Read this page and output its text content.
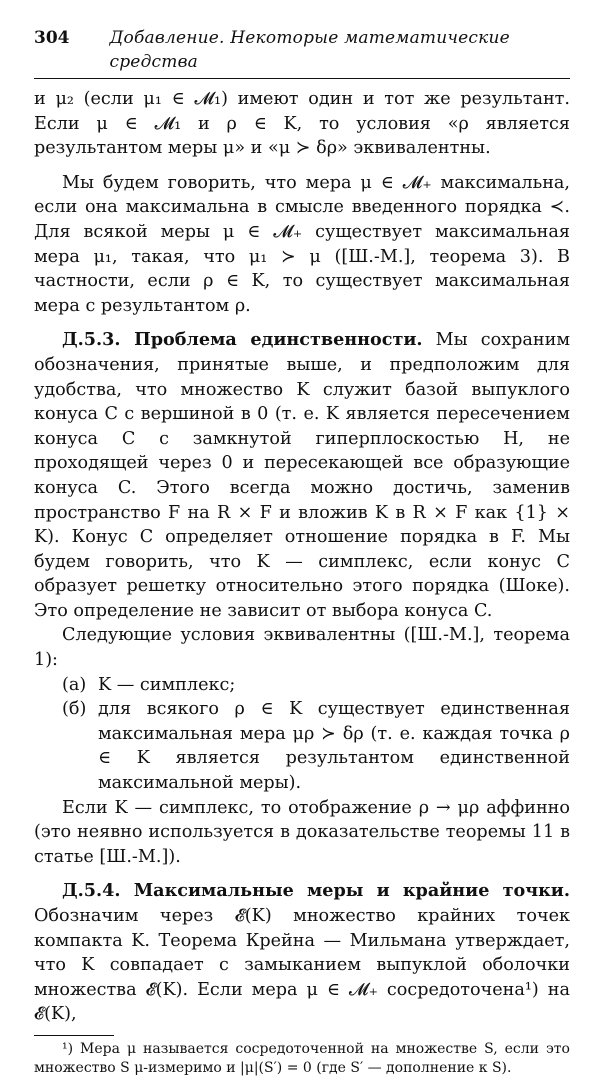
304 Добавление. Некоторые математические средства

и μ₂ (если μ₁ ∈ 𝓜₁) имеют один и тот же результант. Если μ ∈ 𝓜₁ и ρ ∈ K, то условия «ρ является результантом меры μ» и «μ ≻ δρ» эквивалентны.

Мы будем говорить, что мера μ ∈ 𝓜₊ максимальна, если она максимальна в смысле введенного порядка ≺. Для всякой меры μ ∈ 𝓜₊ существует максимальная мера μ₁, такая, что μ₁ ≻ μ ([Ш.-М.], теорема 3). В частности, если ρ ∈ K, то существует максимальная мера с результантом ρ.

Д.5.3. Проблема единственности. Мы сохраним обозначения, принятые выше, и предположим для удобства, что множество K служит базой выпуклого конуса C с вершиной в 0 (т. е. K является пересечением конуса C с замкнутой гиперплоскостью H, не проходящей через 0 и пересекающей все образующие конуса C. Этого всегда можно достичь, заменив пространство F на R × F и вложив K в R × F как {1} × K). Конус C определяет отношение порядка в F. Мы будем говорить, что K — симплекс, если конус C образует решетку относительно этого порядка (Шоке). Это определение не зависит от выбора конуса C.

Следующие условия эквивалентны ([Ш.-М.], теорема 1):

(а) K — симплекс;
(б) для всякого ρ ∈ K существует единственная максимальная мера μρ ≻ δρ (т. е. каждая точка ρ ∈ K является результантом единственной максимальной меры).

Если K — симплекс, то отображение ρ → μρ аффинно (это неявно используется в доказательстве теоремы 11 в статье [Ш.-М.]).

Д.5.4. Максимальные меры и крайние точки. Обозначим через 𝓔(K) множество крайних точек компакта K. Теорема Крейна — Мильмана утверждает, что K совпадает с замыканием выпуклой оболочки множества 𝓔(K). Если мера μ ∈ 𝓜₊ сосредоточена¹) на 𝓔(K),

¹) Мера μ называется сосредоточенной на множестве S, если это множество S μ-измеримо и |μ|(S′) = 0 (где S′ — дополнение к S).
